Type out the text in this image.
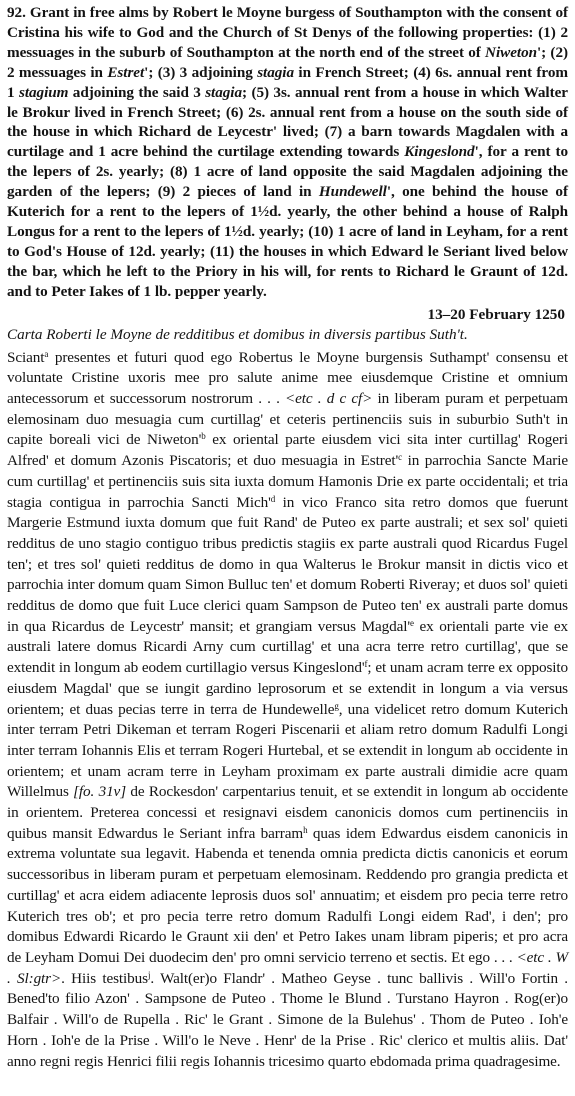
92. Grant in free alms by Robert le Moyne burgess of Southampton with the consent of Cristina his wife to God and the Church of St Denys of the following properties: (1) 2 messuages in the suburb of Southampton at the north end of the street of Niweton'; (2) 2 messuages in Estret'; (3) 3 adjoining stagia in French Street; (4) 6s. annual rent from 1 stagium adjoining the said 3 stagia; (5) 3s. annual rent from a house in which Walter le Brokur lived in French Street; (6) 2s. annual rent from a house on the south side of the house in which Richard de Leycestr' lived; (7) a barn towards Magdalen with a curtilage and 1 acre behind the curtilage extending towards Kingeslond', for a rent to the lepers of 2s. yearly; (8) 1 acre of land opposite the said Magdalen adjoining the garden of the lepers; (9) 2 pieces of land in Hundewell', one behind the house of Kuterich for a rent to the lepers of 1½d. yearly, the other behind a house of Ralph Longus for a rent to the lepers of 1½d. yearly; (10) 1 acre of land in Leyham, for a rent to God's House of 12d. yearly; (11) the houses in which Edward le Seriant lived below the bar, which he left to the Priory in his will, for rents to Richard le Graunt of 12d. and to Peter Iakes of 1 lb. pepper yearly.

13–20 February 1250
Carta Roberti le Moyne de redditibus et domibus in diversis partibus Suth't.

Sciant$^a$ presentes et futuri quod ego Robertus le Moyne burgensis Suthampt' consensu et voluntate Cristine uxoris mee pro salute anime mee eiusdemque Cristine et omnium antecessorum et successorum nostrorum . . . <etc . d c cf> in liberam puram et perpetuam elemosinam duo mesuagia cum curtillag' et ceteris pertinenciis suis in suburbio Suth't in capite boreali vici de $Niweton'^b$ ex oriental parte eiusdem vici sita inter curtillag' Rogeri Alfred' et domum Azonis Piscatoris; et duo mesuagia in $Estret'^c$ in parrochia Sancte Marie cum curtillag' et pertinenciis suis sita iuxta domum Hamonis Drie ex parte occidentali; et tria stagia contigua in parrochia Sancti $Mich'^d$ in vico Franco sita retro domos que fuerunt Margerie Estmund iuxta domum que fuit Rand' de Puteo ex parte australi; et sex sol' quieti redditus de uno stagio contiguo tribus predictis stagiis ex parte australi quod Ricardus Fugel ten'; et tres sol' quieti redditus de domo in qua Walterus le Brokur mansit in dictis vico et parrochia inter domum quam Simon Bulluc ten' et domum Roberti Riveray; et duos sol' quieti redditus de domo que fuit Luce clerici quam Sampson de Puteo ten' ex australi parte domus in qua Ricardus de Leycestr' mansit; et grangiam versus $Magdal'^e$ ex orientali parte vie ex australi latere domus Ricardi Arny cum curtillag' et una acra terre retro curtillag', que se extendit in longum ab eodem curtillagio versus $Kingeslond'^f$; et unam acram terre ex opposito eiusdem Magdal' que se iungit gardino leprosorum et se extendit in longum a via versus orientem; et duas pecias terre in terra de Hundewelle$^g$, una videlicet retro domum Kuterich inter terram Petri Dikeman et terram Rogeri Piscenarii et aliam retro domum Radulfi Longi inter terram Iohannis Elis et terram Rogeri Hurtebal, et se extendit in longum ab occidente in orientem; et unam acram terre in Leyham proximam ex parte australi dimidie acre quam Willelmus [fo. 31v] de Rockesdon' carpentarius tenuit, et se extendit in longum ab occidente in orientem. Preterea concessi et resignavi eisdem canonicis domos cum pertinenciis in quibus mansit Edwardus le Seriant infra barram$^h$ quas idem Edwardus eisdem canonicis in extrema voluntate sua legavit. Habenda et tenenda omnia predicta dictis canonicis et eorum successoribus in liberam puram et perpetuam elemosinam. Reddendo pro grangia predicta et curtillag' et acra eidem adiacente leprosis duos sol' annuatim; et eisdem pro pecia terre retro Kuterich tres ob'; et pro pecia terre retro domum Radulfi Longi eidem Rad', i den'; pro domibus Edwardi Ricardo le Graunt xii den' et Petro Iakes unam libram piperis; et pro acra de Leyham Domui Dei duodecim den' pro omni servicio terreno et sectis. Et ego . . . <etc . W . Sl:gtr>. Hiis testibus$^j$. Walt(er)o Flandr' . Matheo Geyse . tunc ballivis . Will'o Fortin . Bened'to filio Azon' . Sampsone de Puteo . Thome le Blund . Turstano Hayron . Rog(er)o Balfair . Will'o de Rupella . Ric' le Grant . Simone de la Bulehus' . Thom de Puteo . Ioh'e Horn . Ioh'e de la Prise . Will'o le Neve . Henr' de la Prise . Ric' clerico et multis aliis. Dat' anno regni regis Henrici filii regis Iohannis tricesimo quarto ebdomada prima quadragesime.
